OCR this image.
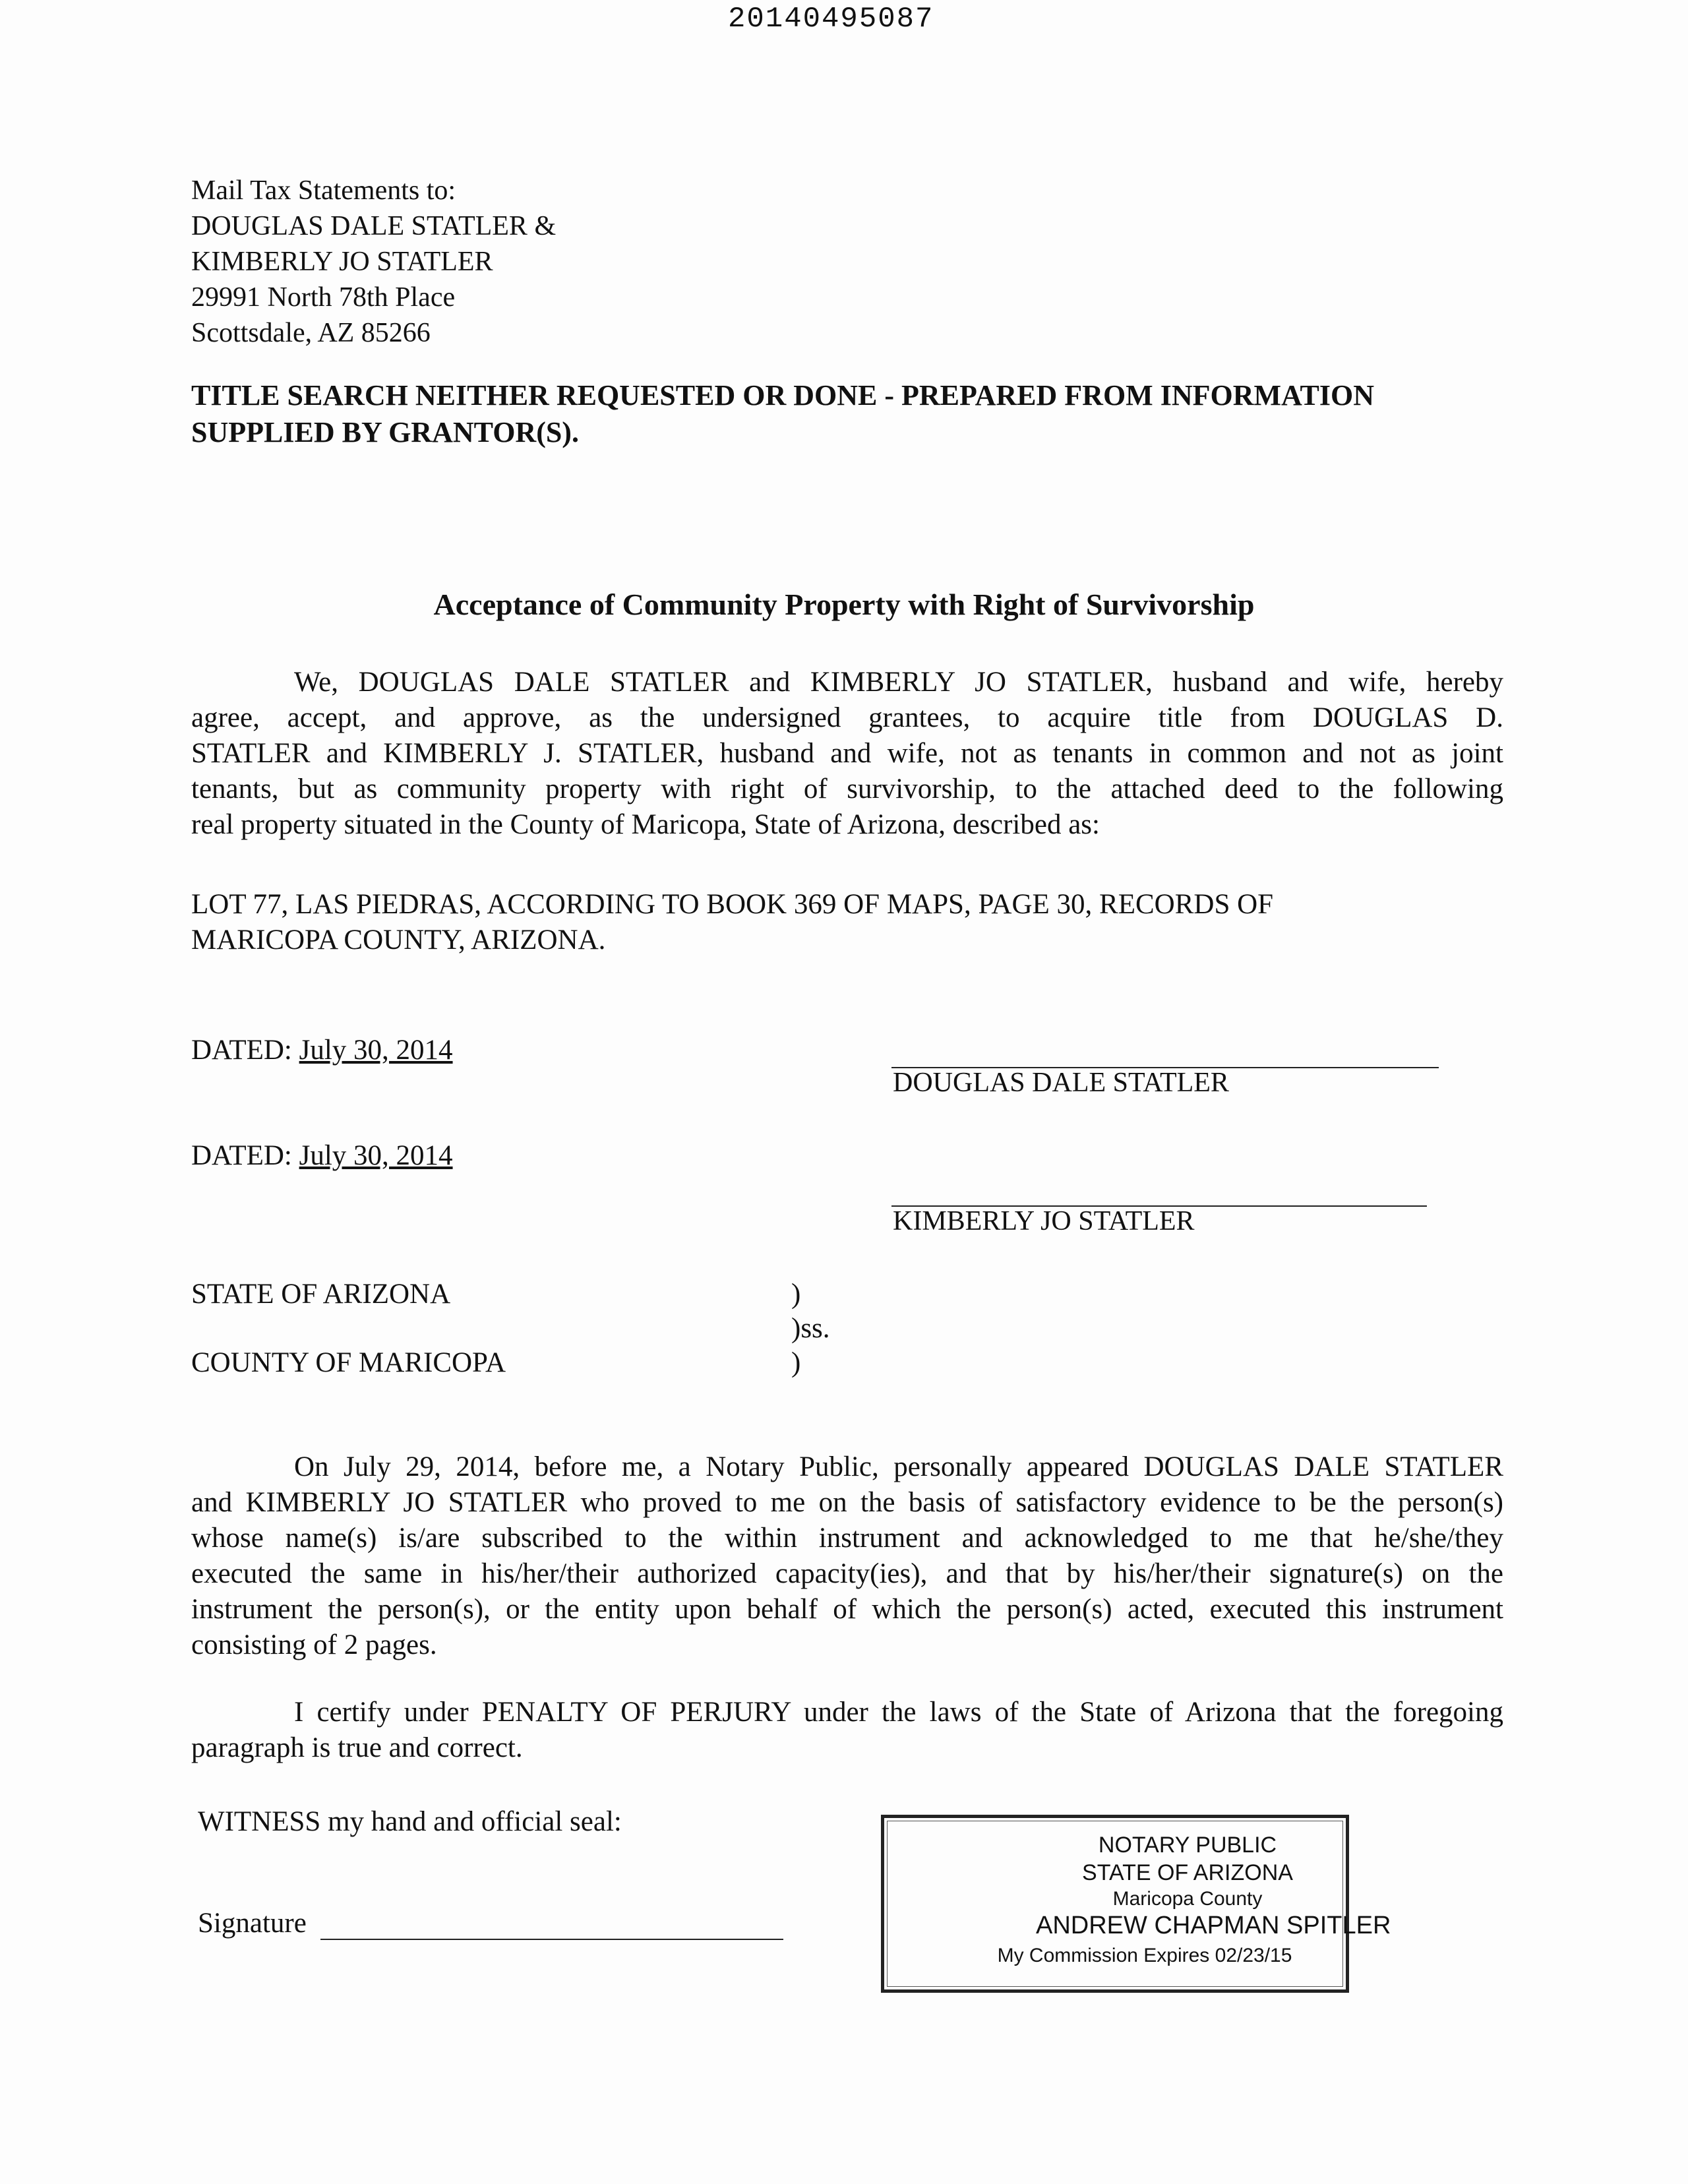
20140495087
Mail Tax Statements to:
DOUGLAS DALE STATLER &
KIMBERLY JO STATLER
29991 North 78th Place
Scottsdale, AZ 85266
TITLE SEARCH NEITHER REQUESTED OR DONE - PREPARED FROM INFORMATION
SUPPLIED BY GRANTOR(S).
Acceptance of Community Property with Right of Survivorship
We, DOUGLAS DALE STATLER and KIMBERLY JO STATLER, husband and wife, hereby
agree, accept, and approve, as the undersigned grantees, to acquire title from DOUGLAS D.
STATLER and KIMBERLY J. STATLER, husband and wife, not as tenants in common and not as joint
tenants, but as community property with right of survivorship, to the attached deed to the following
real property situated in the County of Maricopa, State of Arizona, described as:
LOT 77, LAS PIEDRAS, ACCORDING TO BOOK 369 OF MAPS, PAGE 30, RECORDS OF
MARICOPA COUNTY, ARIZONA.
DATED: July 30, 2014
DOUGLAS DALE STATLER
DATED: July 30, 2014
KIMBERLY JO STATLER
STATE OF ARIZONA
COUNTY OF MARICOPA
)
)ss.
)
On July 29, 2014, before me, a Notary Public, personally appeared DOUGLAS DALE STATLER
and KIMBERLY JO STATLER who proved to me on the basis of satisfactory evidence to be the person(s)
whose name(s) is/are subscribed to the within instrument and acknowledged to me that he/she/they
executed the same in his/her/their authorized capacity(ies), and that by his/her/their signature(s) on the
instrument the person(s), or the entity upon behalf of which the person(s) acted, executed this instrument
consisting of 2 pages.
I certify under PENALTY OF PERJURY under the laws of the State of Arizona that the foregoing
paragraph is true and correct.
WITNESS my hand and official seal:
Signature
NOTARY PUBLIC
STATE OF ARIZONA
Maricopa County
ANDREW CHAPMAN SPITLER
My Commission Expires 02/23/15
